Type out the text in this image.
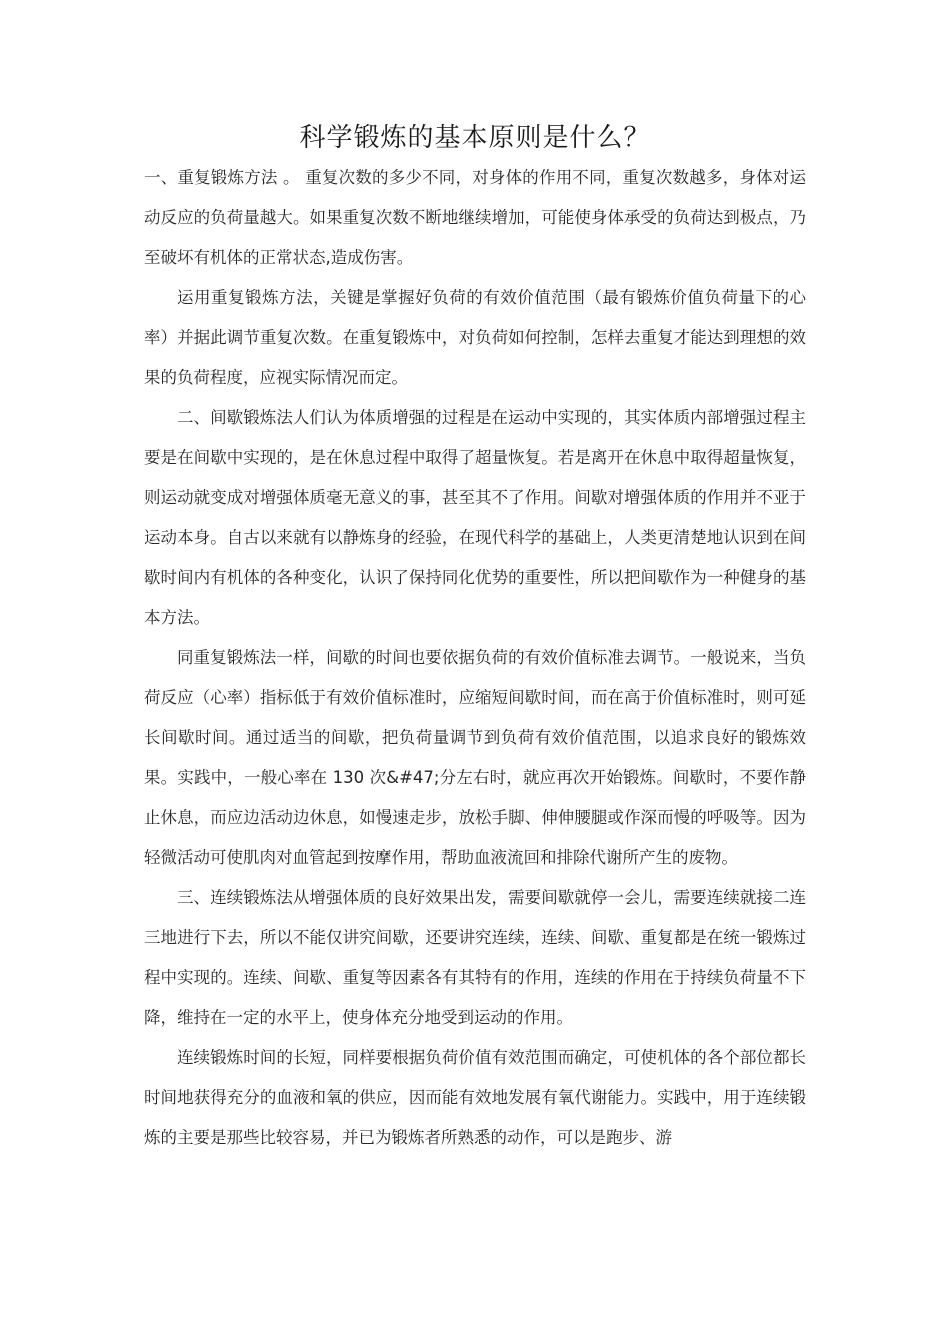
科学锻炼的基本原则是什么？

一、重复锻炼方法 。 重复次数的多少不同，对身体的作用不同，重复次数越多，身体对运动反应的负荷量越大。如果重复次数不断地继续增加，可能使身体承受的负荷达到极点，乃至破坏有机体的正常状态,造成伤害。

运用重复锻炼方法，关键是掌握好负荷的有效价值范围（最有锻炼价值负荷量下的心率）并据此调节重复次数。在重复锻炼中，对负荷如何控制，怎样去重复才能达到理想的效果的负荷程度，应视实际情况而定。

二、间歇锻炼法人们认为体质增强的过程是在运动中实现的，其实体质内部增强过程主要是在间歇中实现的，是在休息过程中取得了超量恢复。若是离开在休息中取得超量恢复，则运动就变成对增强体质毫无意义的事，甚至其不了作用。间歇对增强体质的作用并不亚于运动本身。自古以来就有以静炼身的经验，在现代科学的基础上，人类更清楚地认识到在间歇时间内有机体的各种变化，认识了保持同化优势的重要性，所以把间歇作为一种健身的基本方法。

同重复锻炼法一样，间歇的时间也要依据负荷的有效价值标准去调节。一般说来，当负荷反应（心率）指标低于有效价值标准时，应缩短间歇时间，而在高于价值标准时，则可延长间歇时间。通过适当的间歇，把负荷量调节到负荷有效价值范围，以追求良好的锻炼效果。实践中，一般心率在 130 次&#47;分左右时，就应再次开始锻炼。间歇时，不要作静止休息，而应边活动边休息，如慢速走步，放松手脚、伸伸腰腿或作深而慢的呼吸等。因为轻微活动可使肌肉对血管起到按摩作用，帮助血液流回和排除代谢所产生的废物。

三、连续锻炼法从增强体质的良好效果出发，需要间歇就停一会儿，需要连续就接二连三地进行下去，所以不能仅讲究间歇，还要讲究连续，连续、间歇、重复都是在统一锻炼过程中实现的。连续、间歇、重复等因素各有其特有的作用，连续的作用在于持续负荷量不下降，维持在一定的水平上，使身体充分地受到运动的作用。

连续锻炼时间的长短，同样要根据负荷价值有效范围而确定，可使机体的各个部位都长时间地获得充分的血液和氧的供应，因而能有效地发展有氧代谢能力。实践中，用于连续锻炼的主要是那些比较容易，并已为锻炼者所熟悉的动作，可以是跑步、游
